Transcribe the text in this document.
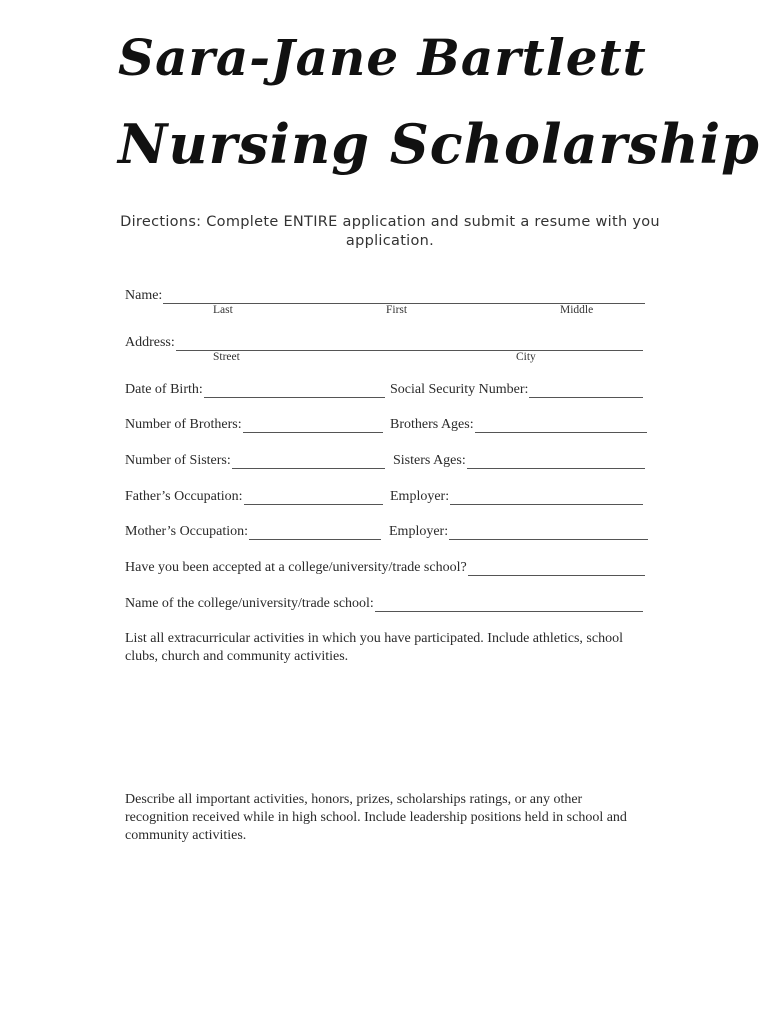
Sara-Jane Bartlett
Nursing Scholarship
Directions: Complete ENTIRE application and submit a resume with you application.
Name:
Last	First	Middle
Address:
Street	City
Date of Birth:	Social Security Number:
Number of Brothers:	Brothers Ages:
Number of Sisters:	Sisters Ages:
Father’s Occupation:	Employer:
Mother’s Occupation:	Employer:
Have you been accepted at a college/university/trade school?
Name of the college/university/trade school:
List all extracurricular activities in which you have participated. Include athletics, school clubs, church and community activities.
Describe all important activities, honors, prizes, scholarships ratings, or any other recognition received while in high school. Include leadership positions held in school and community activities.
